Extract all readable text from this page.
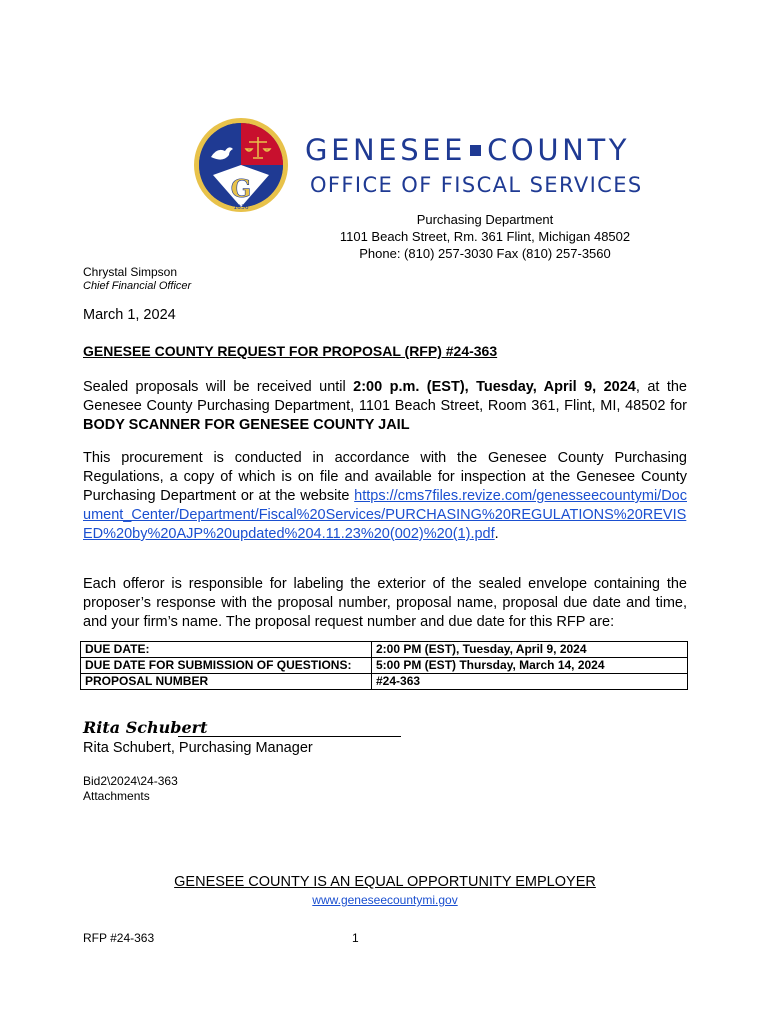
G
1836
GENESEE COUNTY
OFFICE OF FISCAL SERVICES
Purchasing Department
1101 Beach Street, Rm. 361 Flint, Michigan 48502
Phone: (810) 257-3030 Fax (810) 257-3560
Chrystal Simpson
Chief Financial Officer
March 1, 2024
GENESEE COUNTY REQUEST FOR PROPOSAL (RFP) #24-363
Sealed proposals will be received until 2:00 p.m. (EST), Tuesday, April 9, 2024, at the Genesee County Purchasing Department, 1101 Beach Street, Room 361, Flint, MI, 48502 for BODY SCANNER FOR GENESEE COUNTY JAIL
This procurement is conducted in accordance with the Genesee County Purchasing Regulations, a copy of which is on file and available for inspection at the Genesee County Purchasing Department or at the website https://cms7files.revize.com/genesseecountymi/Document_Center/Department/Fiscal%20Services/PURCHASING%20REGULATIONS%20REVISED%20by%20AJP%20updated%204.11.23%20(002)%20(1).pdf.
Each offeror is responsible for labeling the exterior of the sealed envelope containing the proposer’s response with the proposal number, proposal name, proposal due date and time, and your firm’s name. The proposal request number and due date for this RFP are:
DUE DATE:	2:00 PM (EST), Tuesday, April 9, 2024
DUE DATE FOR SUBMISSION OF QUESTIONS:	5:00 PM (EST) Thursday, March 14, 2024
PROPOSAL NUMBER	#24-363
Rita Schubert
Rita Schubert, Purchasing Manager
Bid2\2024\24-363
Attachments
GENESEE COUNTY IS AN EQUAL OPPORTUNITY EMPLOYER
www.geneseecountymi.gov
RFP #24-363	1
